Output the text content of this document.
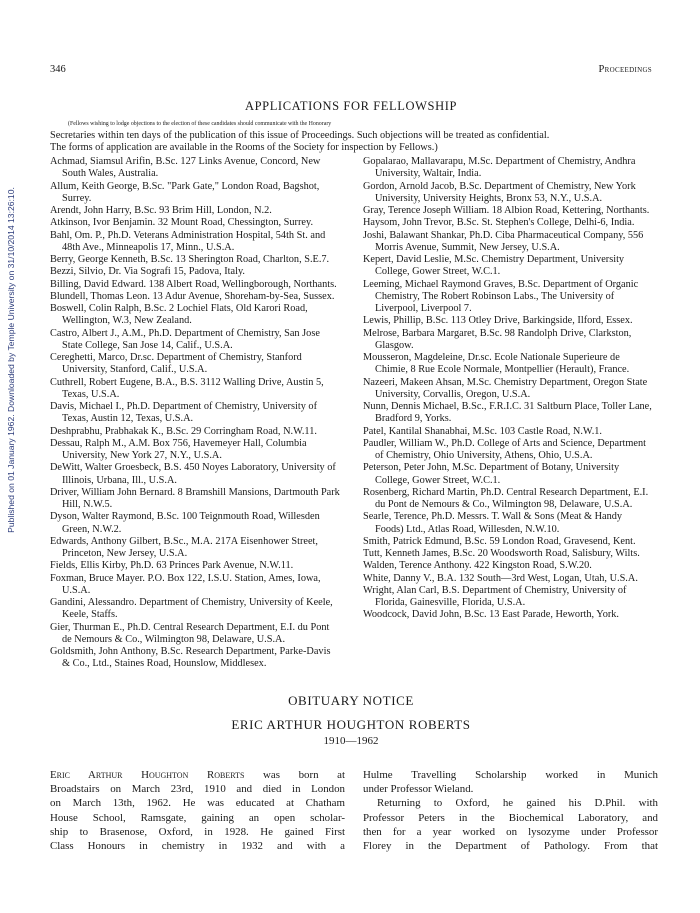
Published on 01 January 1962. Downloaded by Temple University on 31/10/2014 13:26:10.
346	Proceedings
APPLICATIONS FOR FELLOWSHIP
(Fellows wishing to lodge objections to the election of these candidates should communicate with the Honorary
Secretaries within ten days of the publication of this issue of Proceedings. Such objections will be treated as confidential.
The forms of application are available in the Rooms of the Society for inspection by Fellows.)
Achmad, Siamsul Arifin, B.Sc. 127 Links Avenue, Concord, New South Wales, Australia.
Allum, Keith George, B.Sc. "Park Gate," London Road, Bagshot, Surrey.
Arendt, John Harry, B.Sc. 93 Brim Hill, London, N.2.
Atkinson, Ivor Benjamin. 32 Mount Road, Chessington, Surrey.
Bahl, Om. P., Ph.D. Veterans Administration Hospital, 54th St. and 48th Ave., Minneapolis 17, Minn., U.S.A.
Berry, George Kenneth, B.Sc. 13 Sherington Road, Charlton, S.E.7.
Bezzi, Silvio, Dr. Via Sografi 15, Padova, Italy.
Billing, David Edward. 138 Albert Road, Wellingborough, Northants.
Blundell, Thomas Leon. 13 Adur Avenue, Shoreham-by-Sea, Sussex.
Boswell, Colin Ralph, B.Sc. 2 Lochiel Flats, Old Karori Road, Wellington, W.3, New Zealand.
Castro, Albert J., A.M., Ph.D. Department of Chemistry, San Jose State College, San Jose 14, Calif., U.S.A.
Cereghetti, Marco, Dr.sc. Department of Chemistry, Stanford University, Stanford, Calif., U.S.A.
Cuthrell, Robert Eugene, B.A., B.S. 3112 Walling Drive, Austin 5, Texas, U.S.A.
Davis, Michael I., Ph.D. Department of Chemistry, University of Texas, Austin 12, Texas, U.S.A.
Deshprabhu, Prabhakak K., B.Sc. 29 Corringham Road, N.W.11.
Dessau, Ralph M., A.M. Box 756, Havemeyer Hall, Columbia University, New York 27, N.Y., U.S.A.
DeWitt, Walter Groesbeck, B.S. 450 Noyes Laboratory, University of Illinois, Urbana, Ill., U.S.A.
Driver, William John Bernard. 8 Bramshill Mansions, Dartmouth Park Hill, N.W.5.
Dyson, Walter Raymond, B.Sc. 100 Teignmouth Road, Willesden Green, N.W.2.
Edwards, Anthony Gilbert, B.Sc., M.A. 217A Eisenhower Street, Princeton, New Jersey, U.S.A.
Fields, Ellis Kirby, Ph.D. 63 Princes Park Avenue, N.W.11.
Foxman, Bruce Mayer. P.O. Box 122, I.S.U. Station, Ames, Iowa, U.S.A.
Gandini, Alessandro. Department of Chemistry, University of Keele, Keele, Staffs.
Gier, Thurman E., Ph.D. Central Research Department, E.I. du Pont de Nemours & Co., Wilmington 98, Delaware, U.S.A.
Goldsmith, John Anthony, B.Sc. Research Department, Parke-Davis & Co., Ltd., Staines Road, Hounslow, Middlesex.
Gopalarao, Mallavarapu, M.Sc. Department of Chemistry, Andhra University, Waltair, India.
Gordon, Arnold Jacob, B.Sc. Department of Chemistry, New York University, University Heights, Bronx 53, N.Y., U.S.A.
Gray, Terence Joseph William. 18 Albion Road, Kettering, Northants.
Haysom, John Trevor, B.Sc. St. Stephen's College, Delhi-6, India.
Joshi, Balawant Shankar, Ph.D. Ciba Pharmaceutical Company, 556 Morris Avenue, Summit, New Jersey, U.S.A.
Kepert, David Leslie, M.Sc. Chemistry Department, University College, Gower Street, W.C.1.
Leeming, Michael Raymond Graves, B.Sc. Department of Organic Chemistry, The Robert Robinson Labs., The University of Liverpool, Liverpool 7.
Lewis, Phillip, B.Sc. 113 Otley Drive, Barkingside, Ilford, Essex.
Melrose, Barbara Margaret, B.Sc. 98 Randolph Drive, Clarkston, Glasgow.
Mousseron, Magdeleine, Dr.sc. Ecole Nationale Superieure de Chimie, 8 Rue Ecole Normale, Montpellier (Herault), France.
Nazeeri, Makeen Ahsan, M.Sc. Chemistry Department, Oregon State University, Corvallis, Oregon, U.S.A.
Nunn, Dennis Michael, B.Sc., F.R.I.C. 31 Saltburn Place, Toller Lane, Bradford 9, Yorks.
Patel, Kantilal Shanabhai, M.Sc. 103 Castle Road, N.W.1.
Paudler, William W., Ph.D. College of Arts and Science, Department of Chemistry, Ohio University, Athens, Ohio, U.S.A.
Peterson, Peter John, M.Sc. Department of Botany, University College, Gower Street, W.C.1.
Rosenberg, Richard Martin, Ph.D. Central Research Department, E.I. du Pont de Nemours & Co., Wilmington 98, Delaware, U.S.A.
Searle, Terence, Ph.D. Messrs. T. Wall & Sons (Meat & Handy Foods) Ltd., Atlas Road, Willesden, N.W.10.
Smith, Patrick Edmund, B.Sc. 59 London Road, Gravesend, Kent.
Tutt, Kenneth James, B.Sc. 20 Woodsworth Road, Salisbury, Wilts.
Walden, Terence Anthony. 422 Kingston Road, S.W.20.
White, Danny V., B.A. 132 South—3rd West, Logan, Utah, U.S.A.
Wright, Alan Carl, B.S. Department of Chemistry, University of Florida, Gainesville, Florida, U.S.A.
Woodcock, David John, B.Sc. 13 East Parade, Heworth, York.
OBITUARY NOTICE
ERIC ARTHUR HOUGHTON ROBERTS
1910—1962
Eric Arthur Houghton Roberts was born at
Broadstairs on March 23rd, 1910 and died in London
on March 13th, 1962. He was educated at Chatham
House School, Ramsgate, gaining an open scholar-
ship to Brasenose, Oxford, in 1928. He gained First
Class Honours in chemistry in 1932 and with a
Hulme Travelling Scholarship worked in Munich
under Professor Wieland.
Returning to Oxford, he gained his D.Phil. with
Professor Peters in the Biochemical Laboratory, and
then for a year worked on lysozyme under Professor
Florey in the Department of Pathology. From that
